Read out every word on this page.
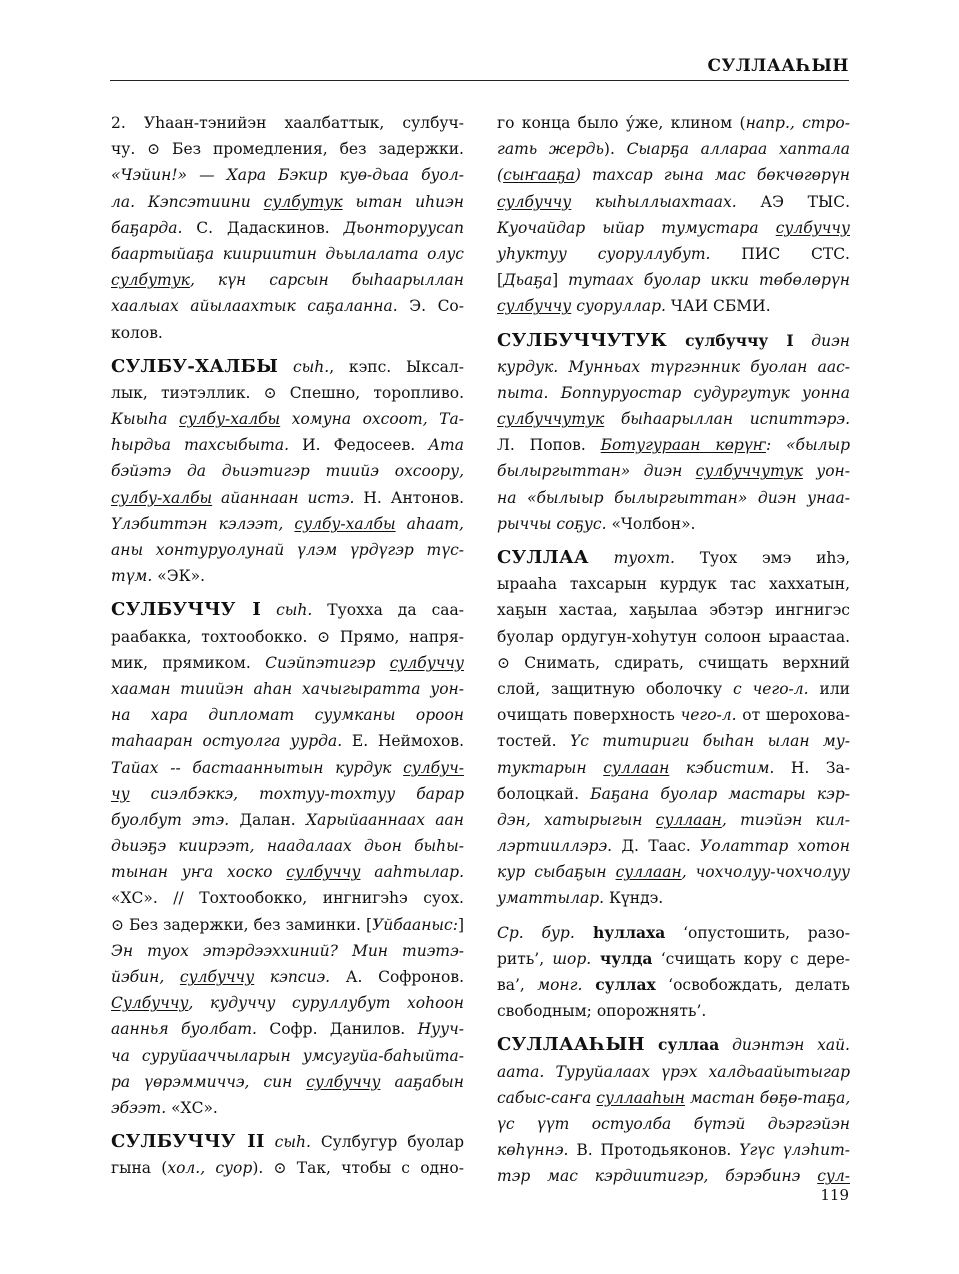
СУЛЛААҺЫН
2. Уһаан-тэнийэн хаалбаттык, сулбуч-
чу. ⊙ Без промедления, без задержки.
«Чэйин!» — Хара Бэкир куө-дьаа буол-
ла. Кэпсэтиини сулбутук ытан иһиэн
баҕарда. С. Дадаскинов. Дьонторуусап
баартыйаҕа киириитин дьылалата олус
сулбутук, күн сарсын быһаарыллан
хаалыах айылаахтык саҕаланна. Э. Со-
колов.
СУЛБУ-ХАЛБЫ сыһ., кэпс. Ыксал-
лык, тиэтэллик. ⊙ Спешно, торопливо.
Кыыһа сулбу-халбы хомуна охсоот, Та-
һырдьа тахсыбыта. И. Федосеев. Ата
бэйэтэ да дьиэтигэр тиийэ охсоору,
сулбу-халбы айаннаан истэ. Н. Антонов.
Үлэбиттэн кэлээт, сулбу-халбы аһаат,
аны хонтуруолунай үлэм үрдүгэр түс-
түм. «ЭК».
СУЛБУЧЧУ I сыһ. Туохха да саа-
раабакка, тохтообокко. ⊙ Прямо, напря-
мик, прямиком. Сиэйпэтигэр сулбуччу
хааман тиийэн аһан хачыгыратта уон-
на хара дипломат суумканы ороон
таһааран остуолга уурда. Е. Неймохов.
Тайах -- бастааннытын курдук сулбуч-
чу сиэлбэккэ, тохтуу-тохтуу барар
буолбут этэ. Далан. Харыйааннаах аан
дьиэҕэ киирээт, наадалаах дьон быһы-
тынан уҥа хоско сулбуччу ааһтылар.
«ХС». // Тохтообокко, ингнигэһэ суох.
⊙ Без задержки, без заминки. [Уйбааныс:]
Эн туох этэрдээххиний? Мин тиэтэ-
йэбин, сулбуччу кэпсиэ. А. Софронов.
Сулбуччу, кудуччу суруллубут хоһоон
ааннья буолбат. Софр. Данилов. Нууч-
ча суруйааччыларын умсугуйа-баһыйта-
ра үөрэммиччэ, син сулбуччу ааҕабын
эбээт. «ХС».
СУЛБУЧЧУ II сыһ. Сулбугур буолар
гына (хол., суор). ⊙ Так, чтобы с одно-
го конца было у́же, клином (напр., стро-
гать жердь). Сыарҕа алларaa хаптала
(сыҥааҕа) тахсар гына мас бөкчөгөрүн
сулбуччу кыһыллыахтаах. АЭ ТЫС.
Куочайдар ыйар тумустара сулбуччу
уһуктуу суоруллубут. ПИС СТС.
[Дьаҕа] тутаах буолар икки төбөлөрүн
сулбуччу суоруллар. ЧАИ СБМИ.
СУЛБУЧЧУТУК сулбуччу I диэн
курдук. Мунньах түргэнник буолан аас-
пыта. Боппуруостар судургутук уонна
сулбуччутук быһаарыллан испиттэрэ.
Л. Попов. Ботугураан көрүҥ: «былыр
былыргыттан» диэн сулбуччутук уон-
на «былыыр былыргыттан» диэн унаа-
рыччы соҕус. «Чолбон».
СУЛЛАА туохт. Туох эмэ иһэ,
ыраaһа тахсарын курдук тас хаххатын,
хаҕын хастаа, хаҕылаа эбэтэр ингнигэс
буолар ордугун-хоһутун солоон ыраастаа.
⊙ Снимать, сдирать, счищать верхний
слой, защитную оболочку с чего-л. или
очищать поверхность чего-л. от шерохова-
тостей. Үс титириги быһан ылан му-
туктарын суллаан кэбистим. Н. За-
болоцкай. Баҕана буолар мастары кэр-
дэн, хатырыгын суллаан, тиэйэн кил-
лэртииллэрэ. Д. Таас. Уолаттар хотон
кур сыбаҕын суллаан, чохчолуу-чохчолуу
уматтылар. Күндэ.
Ср. бур. һуллаха ‘опустошить, разо-
рить’, шор. чулда ‘счищать кору с дере-
ва’, монг. суллах ‘освобождать, делать
свободным; опорожнять’.
СУЛЛААҺЫН суллаа диэнтэн хай.
аата. Туруйалаах үрэх халдьаайытыгар
сабыс-саҥа суллааһын мастан бөҕө-таҕа,
үс үүт остуолба бүтэй дьэргэйэн
көһүннэ. В. Протодьяконов. Үгүс үлэһит-
тэр мас кэрдиитигэр, бэрэбинэ сул-
119
